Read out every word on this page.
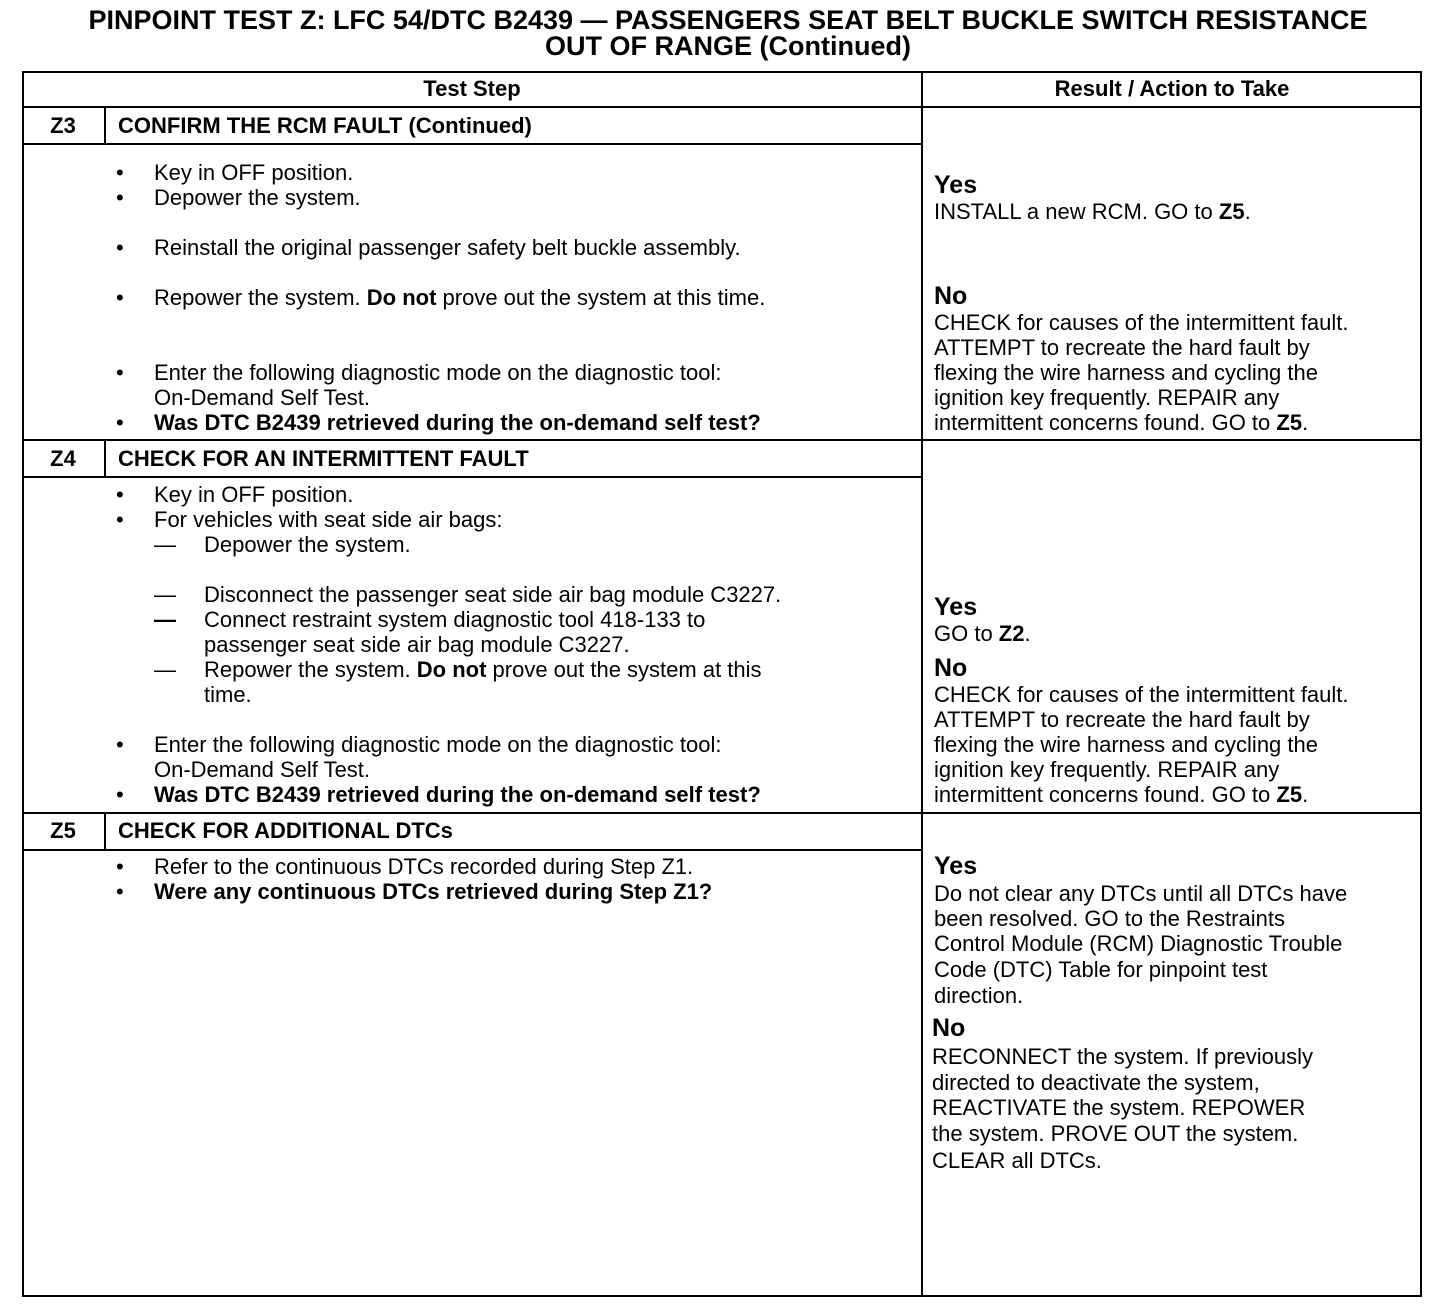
PINPOINT TEST Z: LFC 54/DTC B2439 — PASSENGERS SEAT BELT BUCKLE SWITCH RESISTANCE
OUT OF RANGE (Continued)
Test Step	Result / Action to Take
Z3	CONFIRM THE RCM FAULT (Continued)
• Key in OFF position.
• Depower the system.
• Reinstall the original passenger safety belt buckle assembly.
• Repower the system. Do not prove out the system at this time.
• Enter the following diagnostic mode on the diagnostic tool:
On-Demand Self Test.
• Was DTC B2439 retrieved during the on-demand self test?
Yes
INSTALL a new RCM. GO to Z5.
No
CHECK for causes of the intermittent fault.
ATTEMPT to recreate the hard fault by
flexing the wire harness and cycling the
ignition key frequently. REPAIR any
intermittent concerns found. GO to Z5.
Z4	CHECK FOR AN INTERMITTENT FAULT
• Key in OFF position.
• For vehicles with seat side air bags:
— Depower the system.
— Disconnect the passenger seat side air bag module C3227.
— Connect restraint system diagnostic tool 418-133 to
passenger seat side air bag module C3227.
— Repower the system. Do not prove out the system at this
time.
• Enter the following diagnostic mode on the diagnostic tool:
On-Demand Self Test.
• Was DTC B2439 retrieved during the on-demand self test?
Yes
GO to Z2.
No
CHECK for causes of the intermittent fault.
ATTEMPT to recreate the hard fault by
flexing the wire harness and cycling the
ignition key frequently. REPAIR any
intermittent concerns found. GO to Z5.
Z5	CHECK FOR ADDITIONAL DTCs
• Refer to the continuous DTCs recorded during Step Z1.
• Were any continuous DTCs retrieved during Step Z1?
Yes
Do not clear any DTCs until all DTCs have
been resolved. GO to the Restraints
Control Module (RCM) Diagnostic Trouble
Code (DTC) Table for pinpoint test
direction.
No
RECONNECT the system. If previously
directed to deactivate the system,
REACTIVATE the system. REPOWER
the system. PROVE OUT the system.
CLEAR all DTCs.
